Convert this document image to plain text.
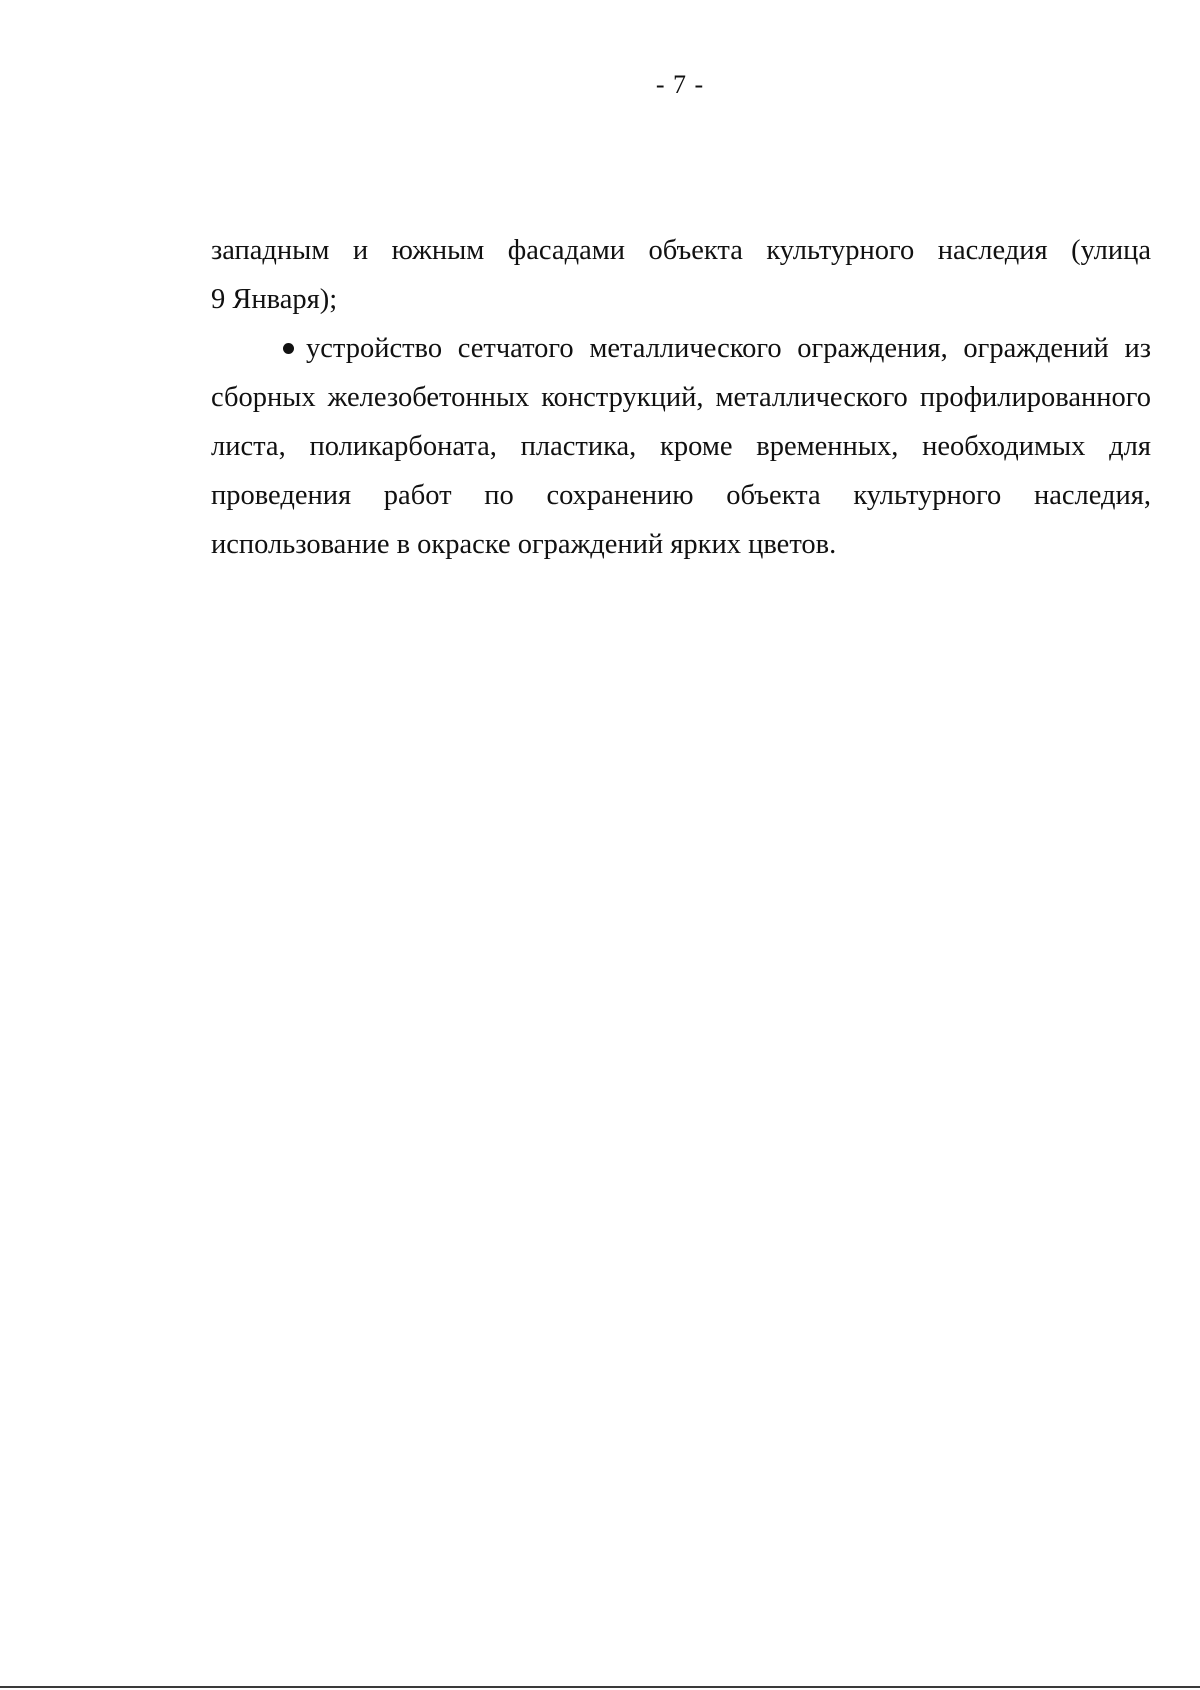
- 7 -
западным и южным фасадами объекта культурного наследия (улица
9 Января);
устройство сетчатого металлического ограждения, ограждений из
сборных железобетонных конструкций, металлического профилированного
листа, поликарбоната, пластика, кроме временных, необходимых для
проведения работ по сохранению объекта культурного наследия,
использование в окраске ограждений ярких цветов.
